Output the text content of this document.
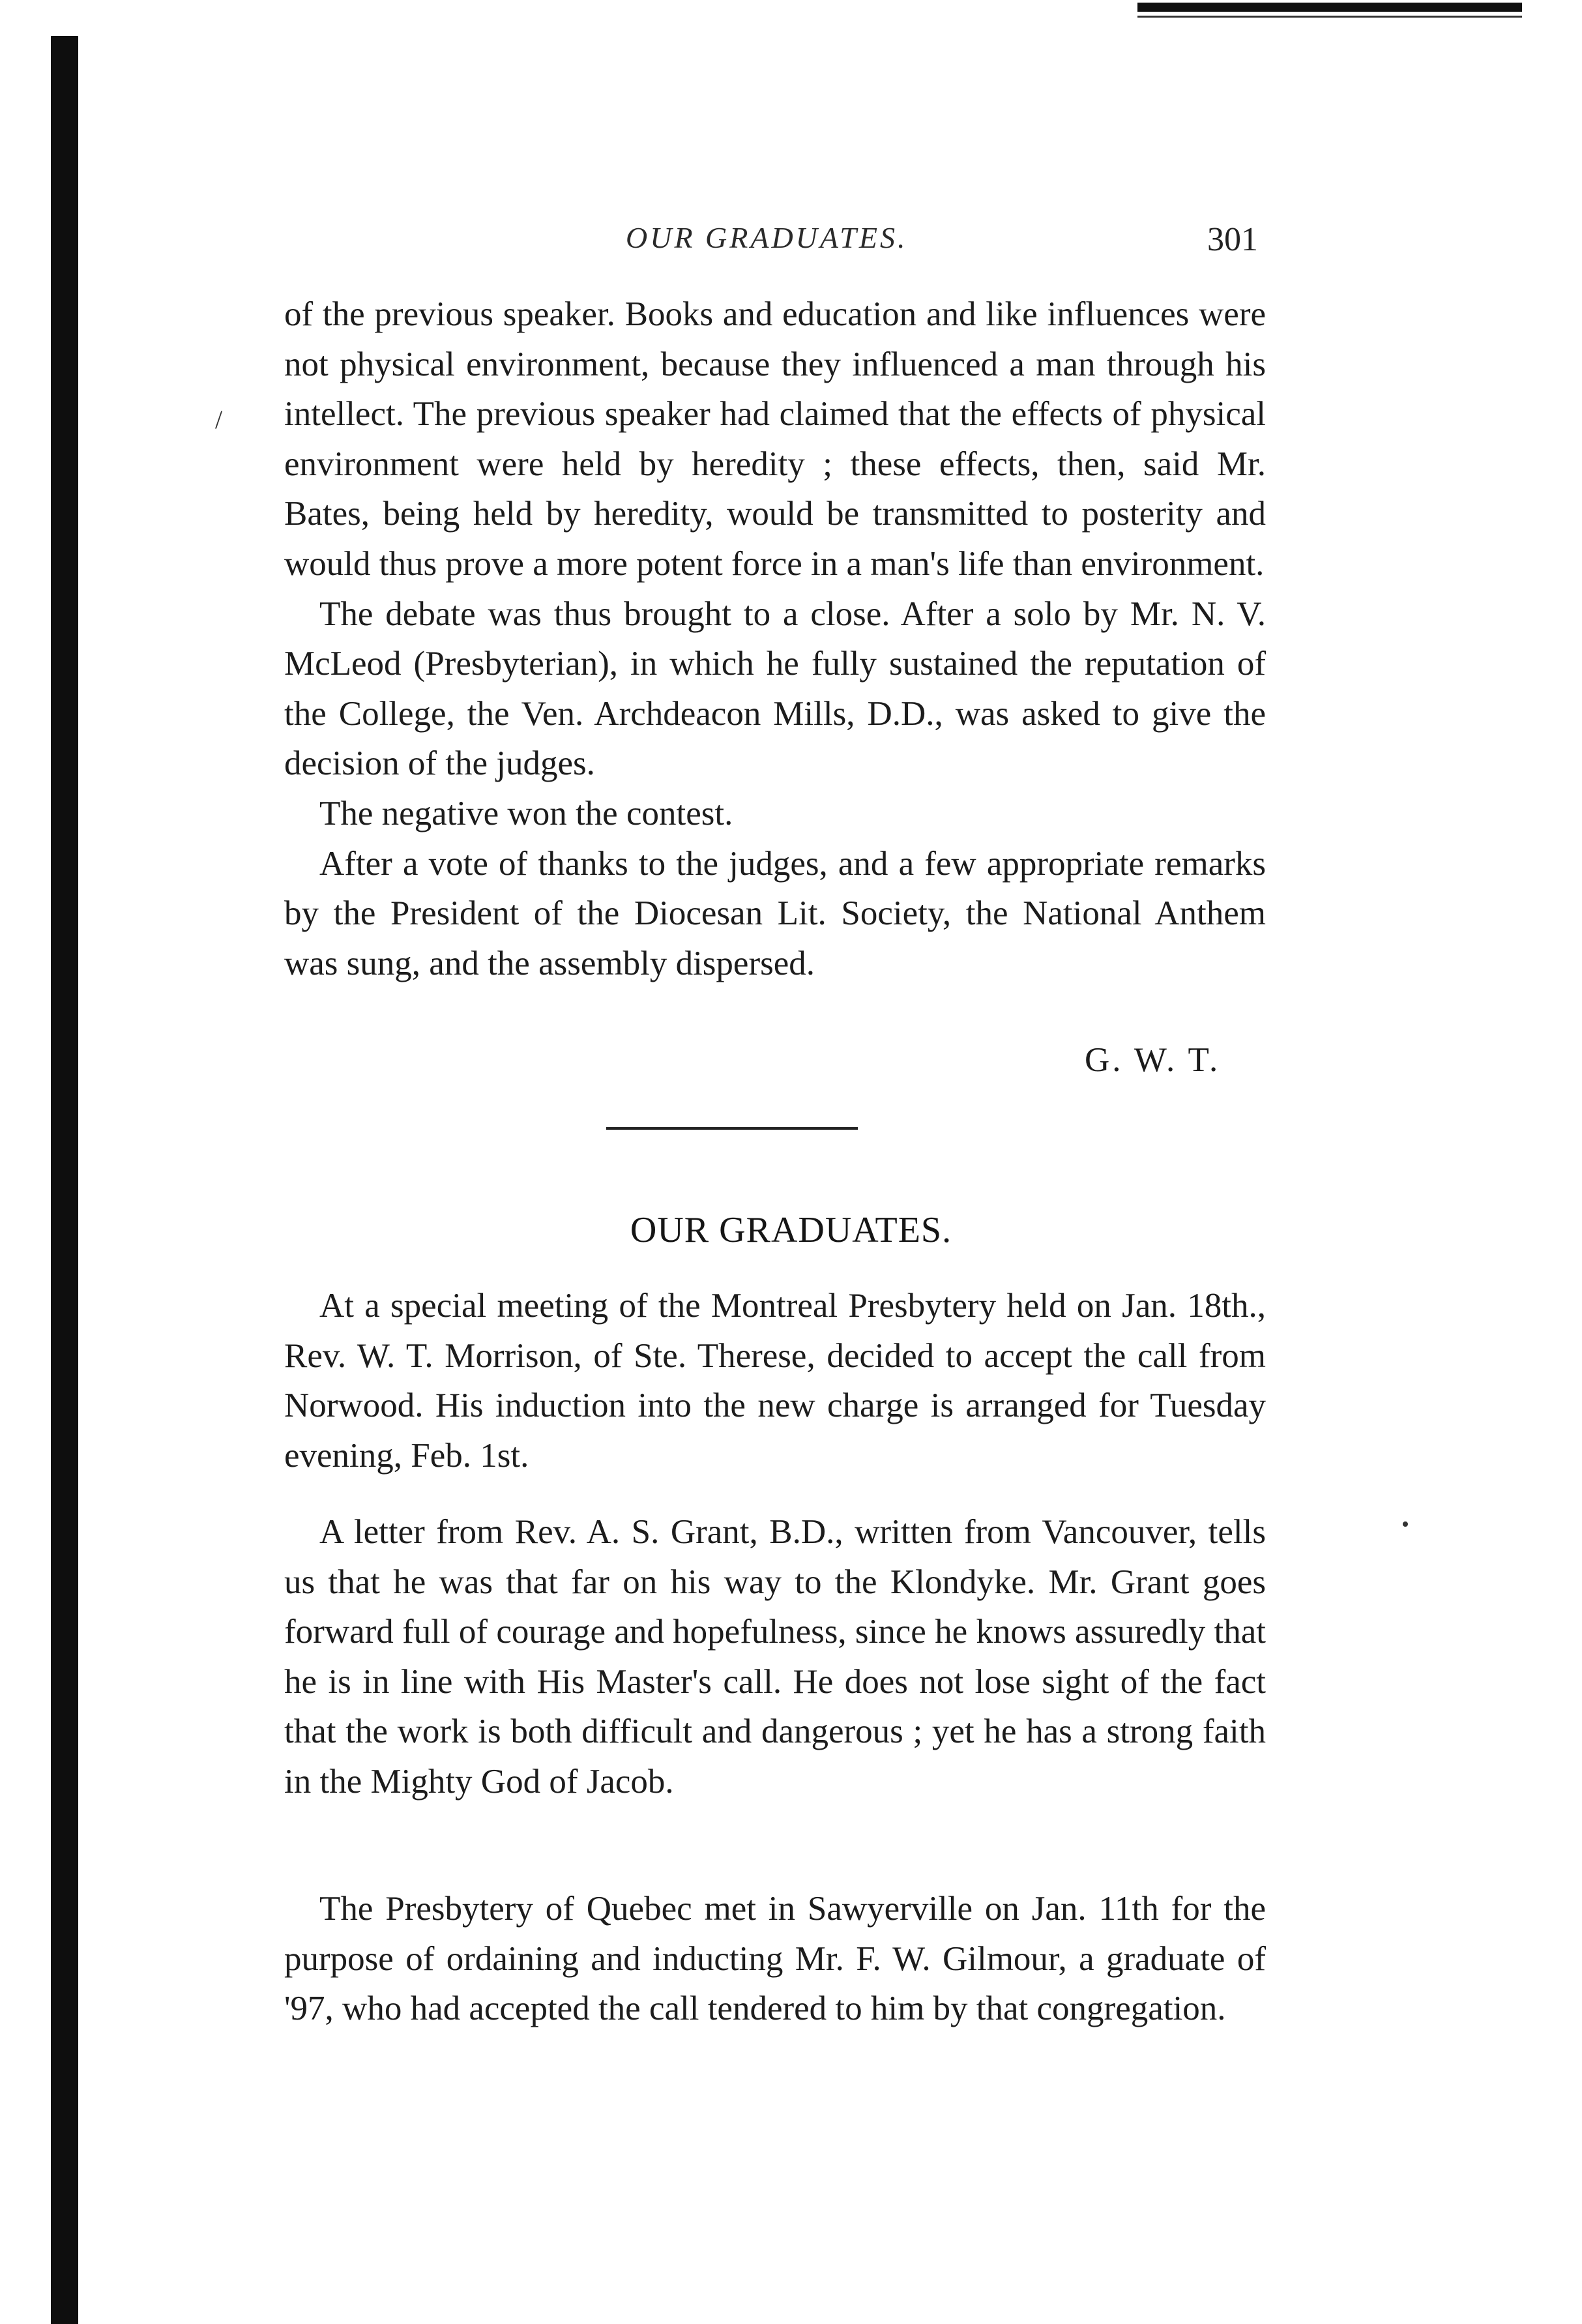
OUR GRADUATES.	301

of the previous speaker. Books and education and like influences were not physical environment, because they influenced a man through his intellect. The previous speaker had claimed that the effects of physical environment were held by heredity ; these effects, then, said Mr. Bates, being held by heredity, would be transmitted to posterity and would thus prove a more potent force in a man's life than environment.

The debate was thus brought to a close. After a solo by Mr. N. V. McLeod (Presbyterian), in which he fully sustained the reputation of the College, the Ven. Archdeacon Mills, D.D., was asked to give the decision of the judges.

The negative won the contest.

After a vote of thanks to the judges, and a few appropriate remarks by the President of the Diocesan Lit. Society, the National Anthem was sung, and the assembly dispersed.

G. W. T.
OUR GRADUATES.

At a special meeting of the Montreal Presbytery held on Jan. 18th., Rev. W. T. Morrison, of Ste. Therese, decided to accept the call from Norwood. His induction into the new charge is arranged for Tuesday evening, Feb. 1st.

A letter from Rev. A. S. Grant, B.D., written from Vancouver, tells us that he was that far on his way to the Klondyke. Mr. Grant goes forward full of courage and hopefulness, since he knows assuredly that he is in line with His Master's call. He does not lose sight of the fact that the work is both difficult and dangerous ; yet he has a strong faith in the Mighty God of Jacob.

The Presbytery of Quebec met in Sawyerville on Jan. 11th for the purpose of ordaining and inducting Mr. F. W. Gilmour, a graduate of '97, who had accepted the call tendered to him by that congregation.

/
•
